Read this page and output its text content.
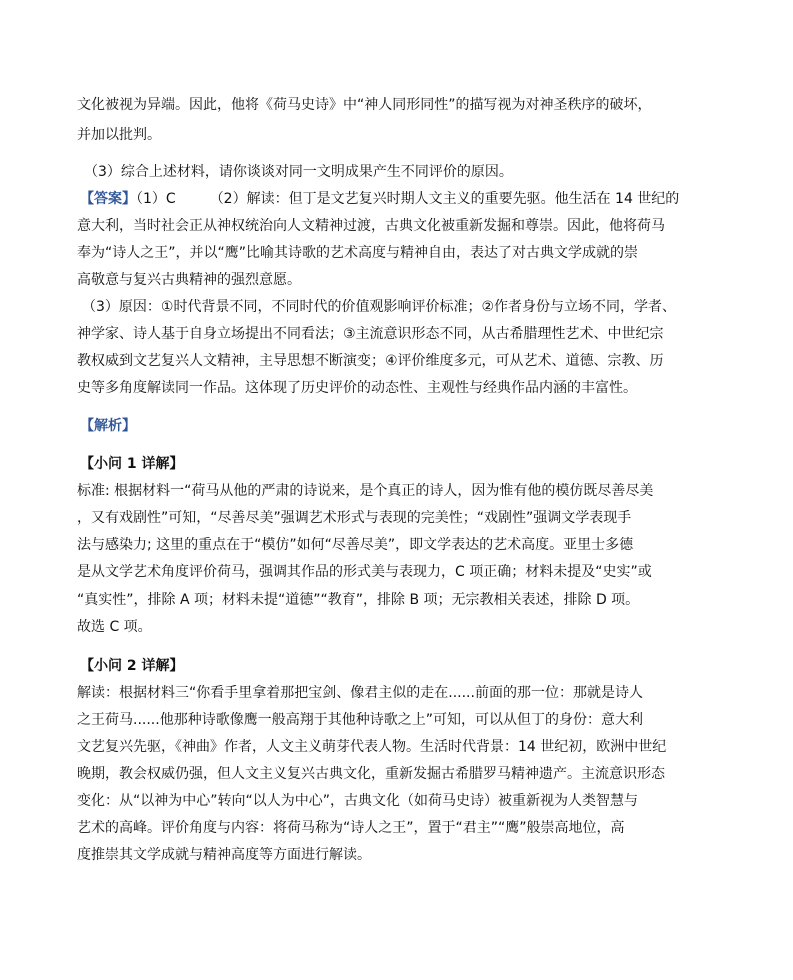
文化被视为异端。因此，他将《荷马史诗》中“神人同形同性”的描写视为对神圣秩序的破坏，
并加以批判。
（3）综合上述材料，请你谈谈对同一文明成果产生不同评价的原因。
【答案】（1）C （2）解读：但丁是文艺复兴时期人文主义的重要先驱。他生活在 14 世纪的
意大利，当时社会正从神权统治向人文精神过渡，古典文化被重新发掘和尊崇。因此，他将荷马
奉为“诗人之王”，并以“鹰”比喻其诗歌的艺术高度与精神自由，表达了对古典文学成就的崇
高敬意与复兴古典精神的强烈意愿。
（3）原因：①时代背景不同，不同时代的价值观影响评价标准；②作者身份与立场不同，学者、
神学家、诗人基于自身立场提出不同看法；③主流意识形态不同，从古希腊理性艺术、中世纪宗
教权威到文艺复兴人文精神，主导思想不断演变；④评价维度多元，可从艺术、道德、宗教、历
史等多角度解读同一作品。这体现了历史评价的动态性、主观性与经典作品内涵的丰富性。
【解析】
【小问 1 详解】
标准: 根据材料一“荷马从他的严肃的诗说来，是个真正的诗人，因为惟有他的模仿既尽善尽美
，又有戏剧性”可知，“尽善尽美”强调艺术形式与表现的完美性；“戏剧性”强调文学表现手
法与感染力; 这里的重点在于“模仿”如何“尽善尽美”，即文学表达的艺术高度。亚里士多德
是从文学艺术角度评价荷马，强调其作品的形式美与表现力，C 项正确；材料未提及“史实”或
“真实性”，排除 A 项；材料未提“道德”“教育”，排除 B 项；无宗教相关表述，排除 D 项。
故选 C 项。
【小问 2 详解】
解读：根据材料三“你看手里拿着那把宝剑、像君主似的走在......前面的那一位：那就是诗人
之王荷马......他那种诗歌像鹰一般高翔于其他种诗歌之上”可知，可以从但丁的身份：意大利
文艺复兴先驱，《神曲》作者，人文主义萌芽代表人物。生活时代背景：14 世纪初，欧洲中世纪
晚期，教会权威仍强，但人文主义复兴古典文化，重新发掘古希腊罗马精神遗产。主流意识形态
变化：从“以神为中心”转向“以人为中心”，古典文化（如荷马史诗）被重新视为人类智慧与
艺术的高峰。评价角度与内容：将荷马称为“诗人之王”，置于“君主”“鹰”般崇高地位，高
度推崇其文学成就与精神高度等方面进行解读。
